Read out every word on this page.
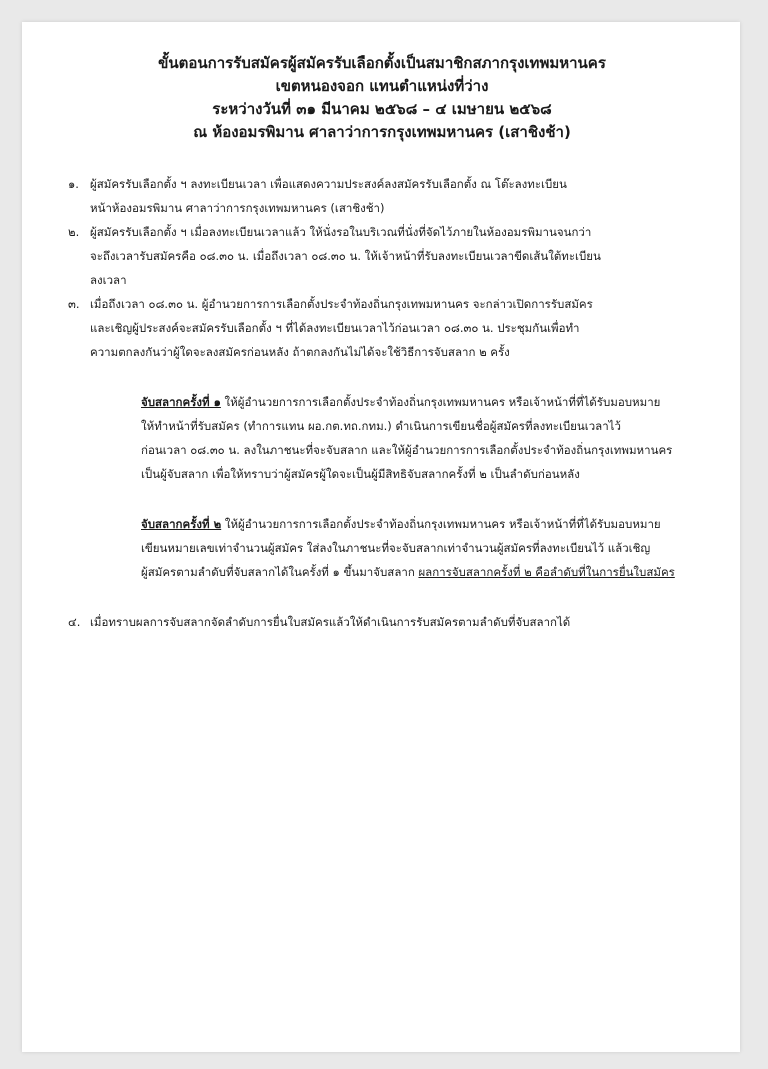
ขั้นตอนการรับสมัครผู้สมัครรับเลือกตั้งเป็นสมาชิกสภากรุงเทพมหานคร
เขตหนองจอก แทนตำแหน่งที่ว่าง
ระหว่างวันที่ ๓๑ มีนาคม ๒๕๖๘ – ๔ เมษายน ๒๕๖๘
ณ ห้องอมรพิมาน ศาลาว่าการกรุงเทพมหานคร (เสาชิงช้า)
๑. ผู้สมัครรับเลือกตั้ง ฯ ลงทะเบียนเวลา เพื่อแสดงความประสงค์ลงสมัครรับเลือกตั้ง ณ โต๊ะลงทะเบียน
หน้าห้องอมรพิมาน ศาลาว่าการกรุงเทพมหานคร (เสาชิงช้า)
๒. ผู้สมัครรับเลือกตั้ง ฯ เมื่อลงทะเบียนเวลาแล้ว ให้นั่งรอในบริเวณที่นั่งที่จัดไว้ภายในห้องอมรพิมานจนกว่า
จะถึงเวลารับสมัครคือ ๐๘.๓๐ น. เมื่อถึงเวลา ๐๘.๓๐ น. ให้เจ้าหน้าที่รับลงทะเบียนเวลาขีดเส้นใต้ทะเบียน
ลงเวลา
๓. เมื่อถึงเวลา ๐๘.๓๐ น. ผู้อำนวยการการเลือกตั้งประจำท้องถิ่นกรุงเทพมหานคร จะกล่าวเปิดการรับสมัคร
และเชิญผู้ประสงค์จะสมัครรับเลือกตั้ง ฯ ที่ได้ลงทะเบียนเวลาไว้ก่อนเวลา ๐๘.๓๐ น. ประชุมกันเพื่อทำ
ความตกลงกันว่าผู้ใดจะลงสมัครก่อนหลัง ถ้าตกลงกันไม่ได้จะใช้วิธีการจับสลาก ๒ ครั้ง
จับสลากครั้งที่ ๑ ให้ผู้อำนวยการการเลือกตั้งประจำท้องถิ่นกรุงเทพมหานคร หรือเจ้าหน้าที่ที่ได้รับมอบหมาย
ให้ทำหน้าที่รับสมัคร (ทำการแทน ผอ.กต.ทถ.กทม.) ดำเนินการเขียนชื่อผู้สมัครที่ลงทะเบียนเวลาไว้
ก่อนเวลา ๐๘.๓๐ น. ลงในภาชนะที่จะจับสลาก และให้ผู้อำนวยการการเลือกตั้งประจำท้องถิ่นกรุงเทพมหานคร
เป็นผู้จับสลาก เพื่อให้ทราบว่าผู้สมัครผู้ใดจะเป็นผู้มีสิทธิจับสลากครั้งที่ ๒ เป็นลำดับก่อนหลัง
จับสลากครั้งที่ ๒ ให้ผู้อำนวยการการเลือกตั้งประจำท้องถิ่นกรุงเทพมหานคร หรือเจ้าหน้าที่ที่ได้รับมอบหมาย
เขียนหมายเลขเท่าจำนวนผู้สมัคร ใส่ลงในภาชนะที่จะจับสลากเท่าจำนวนผู้สมัครที่ลงทะเบียนไว้ แล้วเชิญ
ผู้สมัครตามลำดับที่จับสลากได้ในครั้งที่ ๑ ขึ้นมาจับสลาก ผลการจับสลากครั้งที่ ๒ คือลำดับที่ในการยื่นใบสมัคร
๔. เมื่อทราบผลการจับสลากจัดลำดับการยื่นใบสมัครแล้วให้ดำเนินการรับสมัครตามลำดับที่จับสลากได้
